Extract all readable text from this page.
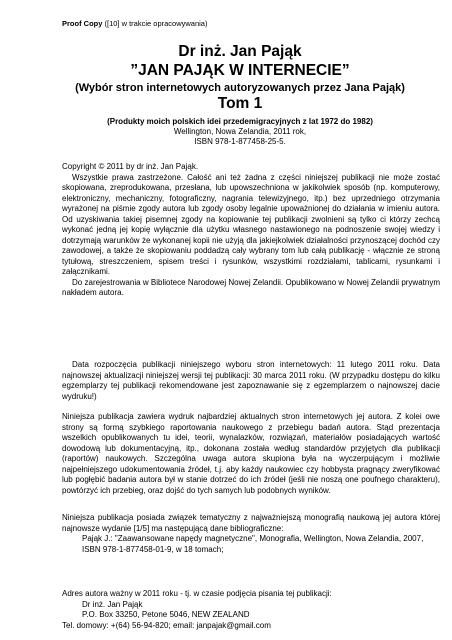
Proof Copy ([10] w trakcie opracowywania)
Dr inż. Jan Pająk
”JAN PAJĄK W INTERNECIE”
(Wybór stron internetowych autoryzowanych przez Jana Pająk)
Tom 1
(Produkty moich polskich idei przedemigracyjnych z lat 1972 do 1982)
Wellington, Nowa Zelandia, 2011 rok,
ISBN 978-1-877458-25-5.

Copyright © 2011 by dr inż. Jan Pająk.

Wszystkie prawa zastrzeżone. Całość ani też żadna z części niniejszej publikacji nie może zostać skopiowana, zreprodukowana, przesłana, lub upowszechniona w jakikolwiek sposób (np. komputerowy, elektroniczny, mechaniczny, fotograficzny, nagrania telewizyjnego, itp.) bez uprzedniego otrzymania wyrażonej na piśmie zgody autora lub zgody osoby legalnie upoważnionej do działania w imieniu autora. Od uzyskiwania takiej pisemnej zgody na kopiowanie tej publikacji zwolnieni są tylko ci którzy zechcą wykonać jedną jej kopię wyłącznie dla użytku własnego nastawionego na podnoszenie swojej wiedzy i dotrzymają warunków że wykonanej kopii nie użyją dla jakiejkolwiek działalności przynoszącej dochód czy zawodowej, a także że skopiowaniu poddadzą cały wybrany tom lub całą publikację - włącznie ze stroną tytułową, streszczeniem, spisem treści i rysunków, wszystkimi rozdziałami, tablicami, rysunkami i załącznikami.

Do zarejestrowania w Bibliotece Narodowej Nowej Zelandii. Opublikowano w Nowej Zelandii prywatnym nakładem autora.

Data rozpoczęcia publikacji niniejszego wyboru stron internetowych: 11 lutego 2011 roku. Data najnowszej aktualizacji niniejszej wersji tej publikacji: 30 marca 2011 roku. (W przypadku dostępu do kilku egzemplarzy tej publikacji rekomendowane jest zapoznawanie się z egzemplarzem o najnowszej dacie wydruku!)

Niniejsza publikacja zawiera wydruk najbardziej aktualnych stron internetowych jej autora. Z kolei owe strony są formą szybkiego raportowania naukowego z przebiegu badań autora. Stąd prezentacja wszelkich opublikowanych tu idei, teorii, wynalazków, rozwiązań, materiałów posiadających wartość dowodową lub dokumentacyjną, itp., dokonana została według standardów przyjętych dla publikacji (raportów) naukowych. Szczególna uwaga autora skupiona była na wyczerpującym i możliwie najpełniejszego udokumentowania źródeł, t.j. aby każdy naukowiec czy hobbysta pragnący zweryfikować lub pogłębić badania autora był w stanie dotrzeć do ich źródeł (jeśli nie noszą one poufnego charakteru), powtórzyć ich przebieg, oraz dojść do tych samych lub podobnych wyników.

Niniejsza publikacja posiada związek tematyczny z najważniejszą monografią naukową jej autora której najnowsze wydanie [1/5] ma następującą dane bibliograficzne:

Pająk J.: "Zaawansowane napędy magnetyczne", Monografia, Wellington, Nowa Zelandia, 2007, ISBN 978-1-877458-01-9, w 18 tomach;

Adres autora ważny w 2011 roku - tj. w czasie podjęcia pisania tej publikacji:

Dr inż. Jan Pająk

P.O. Box 33250, Petone 5046, NEW ZEALAND

Tel. domowy: +(64) 56-94-820; email: janpajak@gmail.com
